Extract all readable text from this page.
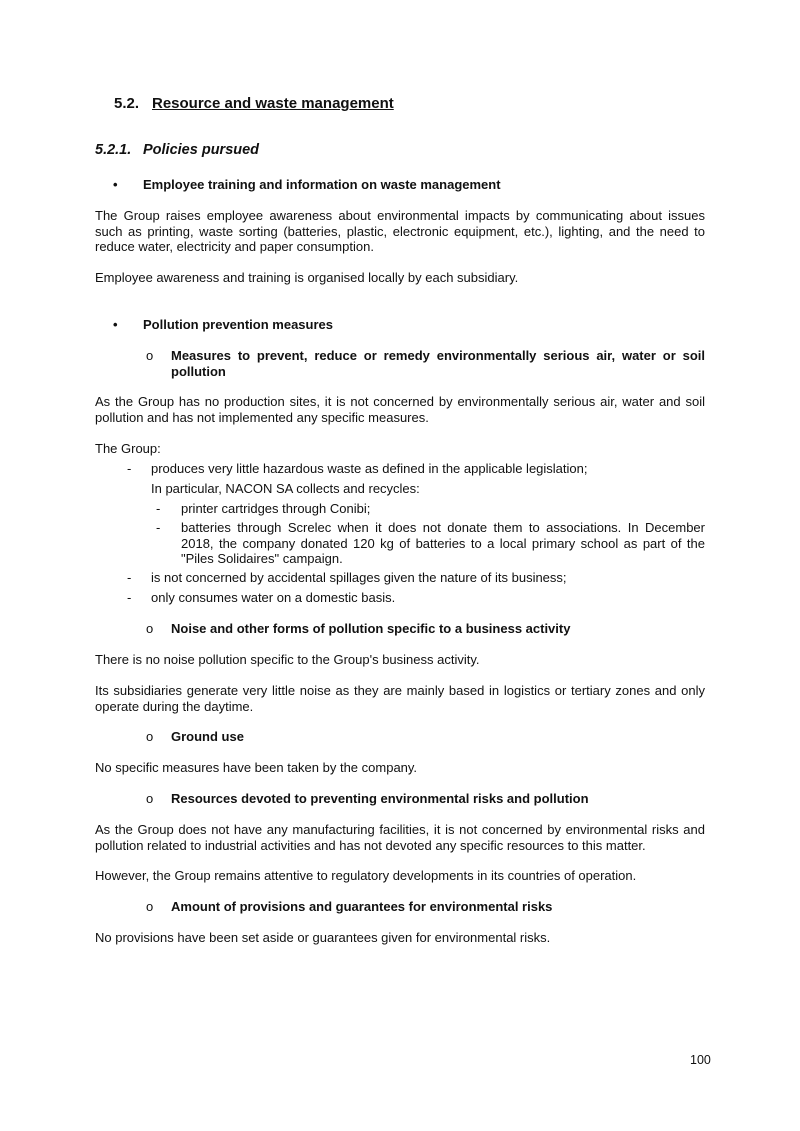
5.2. Resource and waste management
5.2.1. Policies pursued

• Employee training and information on waste management

The Group raises employee awareness about environmental impacts by communicating about issues such as printing, waste sorting (batteries, plastic, electronic equipment, etc.), lighting, and the need to reduce water, electricity and paper consumption.

Employee awareness and training is organised locally by each subsidiary.

• Pollution prevention measures

o	Measures to prevent, reduce or remedy environmentally serious air, water or soil pollution

As the Group has no production sites, it is not concerned by environmentally serious air, water and soil pollution and has not implemented any specific measures.

The Group:

-	produces very little hazardous waste as defined in the applicable legislation;

In particular, NACON SA collects and recycles:

-	printer cartridges through Conibi;
-	batteries through Screlec when it does not donate them to associations. In December 2018, the company donated 120 kg of batteries to a local primary school as part of the "Piles Solidaires" campaign.
-	is not concerned by accidental spillages given the nature of its business;
-	only consumes water on a domestic basis.
o	Noise and other forms of pollution specific to a business activity

There is no noise pollution specific to the Group's business activity.

Its subsidiaries generate very little noise as they are mainly based in logistics or tertiary zones and only operate during the daytime.

o	Ground use

No specific measures have been taken by the company.

o	Resources devoted to preventing environmental risks and pollution

As the Group does not have any manufacturing facilities, it is not concerned by environmental risks and pollution related to industrial activities and has not devoted any specific resources to this matter.

However, the Group remains attentive to regulatory developments in its countries of operation.

o	Amount of provisions and guarantees for environmental risks

No provisions have been set aside or guarantees given for environmental risks.

100
